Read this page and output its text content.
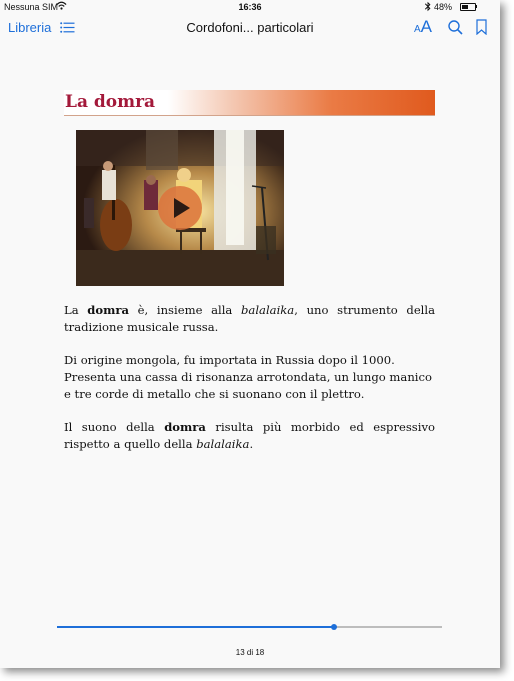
Nessuna SIM	16:36	48%
Libreria	Cordofoni... particolari	AA
La domra

La domra è, insieme alla balalaika, uno strumento della tradizione musicale russa.

Di origine mongola, fu importata in Russia dopo il 1000. Presenta una cassa di risonanza arrotondata, un lungo manico e tre corde di metallo che si suonano con il plettro.

Il suono della domra risulta più morbido ed espressivo rispetto a quello della balalaika.

13 di 18
